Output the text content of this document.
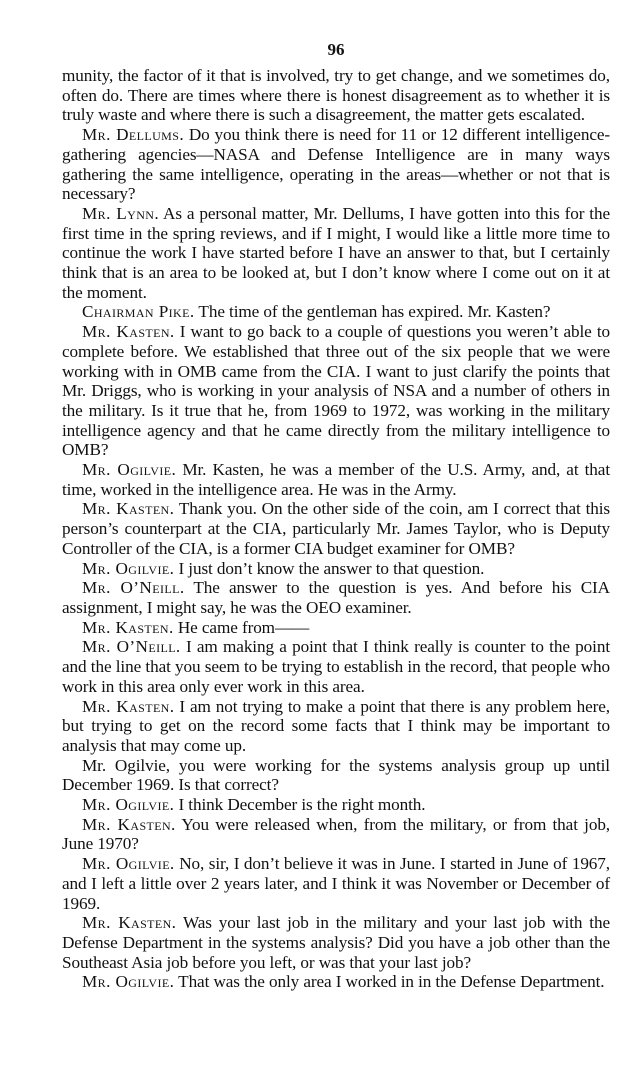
96

munity, the factor of it that is involved, try to get change, and we sometimes do, often do. There are times where there is honest disagreement as to whether it is truly waste and where there is such a disagreement, the matter gets escalated.

Mr. Dellums. Do you think there is need for 11 or 12 different intelligence-gathering agencies—NASA and Defense Intelligence are in many ways gathering the same intelligence, operating in the areas—whether or not that is necessary?

Mr. Lynn. As a personal matter, Mr. Dellums, I have gotten into this for the first time in the spring reviews, and if I might, I would like a little more time to continue the work I have started before I have an answer to that, but I certainly think that is an area to be looked at, but I don’t know where I come out on it at the moment.

Chairman Pike. The time of the gentleman has expired. Mr. Kasten?

Mr. Kasten. I want to go back to a couple of questions you weren’t able to complete before. We established that three out of the six people that we were working with in OMB came from the CIA. I want to just clarify the points that Mr. Driggs, who is working in your analysis of NSA and a number of others in the military. Is it true that he, from 1969 to 1972, was working in the military intelligence agency and that he came directly from the military intelligence to OMB?

Mr. Ogilvie. Mr. Kasten, he was a member of the U.S. Army, and, at that time, worked in the intelligence area. He was in the Army.

Mr. Kasten. Thank you. On the other side of the coin, am I correct that this person’s counterpart at the CIA, particularly Mr. James Taylor, who is Deputy Controller of the CIA, is a former CIA budget examiner for OMB?

Mr. Ogilvie. I just don’t know the answer to that question.

Mr. O’Neill. The answer to the question is yes. And before his CIA assignment, I might say, he was the OEO examiner.

Mr. Kasten. He came from——

Mr. O’Neill. I am making a point that I think really is counter to the point and the line that you seem to be trying to establish in the record, that people who work in this area only ever work in this area.

Mr. Kasten. I am not trying to make a point that there is any problem here, but trying to get on the record some facts that I think may be important to analysis that may come up.

Mr. Ogilvie, you were working for the systems analysis group up until December 1969. Is that correct?

Mr. Ogilvie. I think December is the right month.

Mr. Kasten. You were released when, from the military, or from that job, June 1970?

Mr. Ogilvie. No, sir, I don’t believe it was in June. I started in June of 1967, and I left a little over 2 years later, and I think it was November or December of 1969.

Mr. Kasten. Was your last job in the military and your last job with the Defense Department in the systems analysis? Did you have a job other than the Southeast Asia job before you left, or was that your last job?

Mr. Ogilvie. That was the only area I worked in in the Defense Department.
